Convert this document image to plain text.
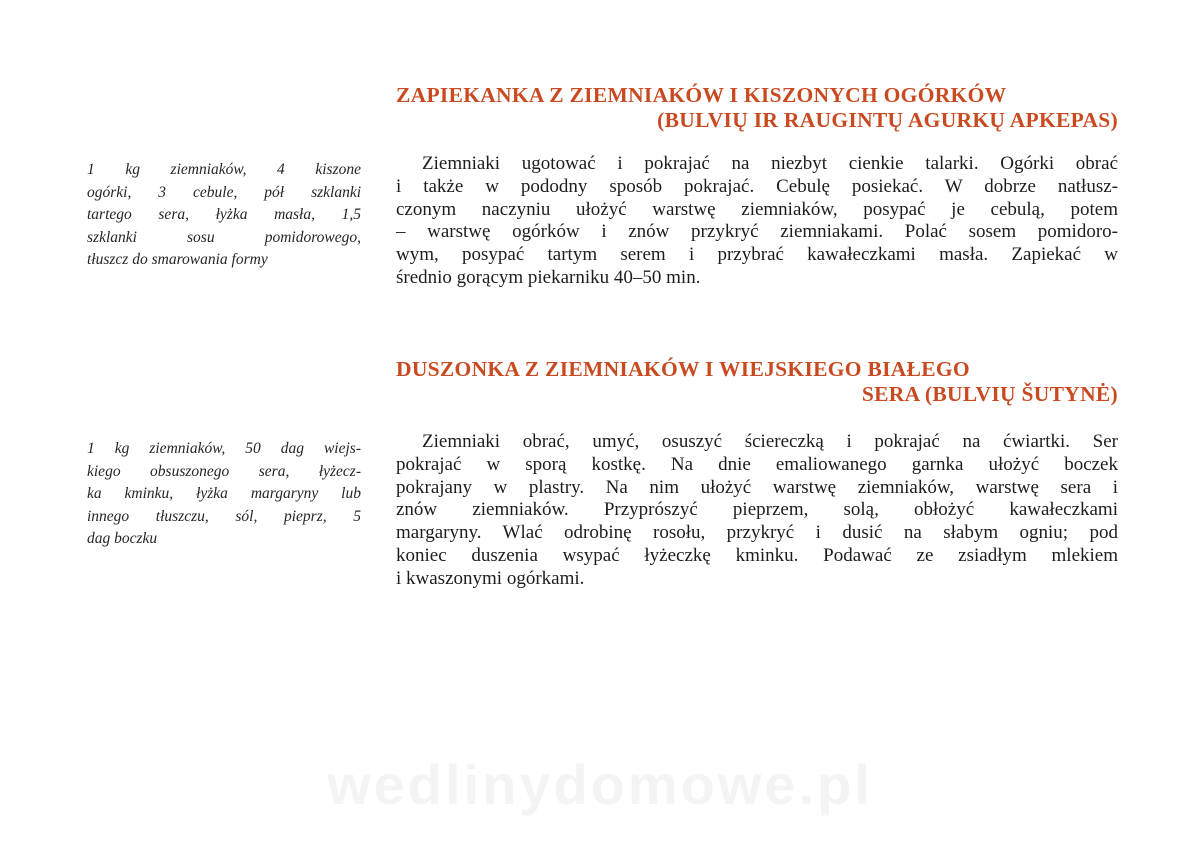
ZAPIEKANKA Z ZIEMNIAKÓW I KISZONYCH OGÓRKÓW
(BULVIŲ IR RAUGINTŲ AGURKŲ APKEPAS)
1 kg ziemniaków, 4 kiszone
ogórki, 3 cebule, pół szklanki
tartego sera, łyżka masła, 1,5
szklanki sosu pomidorowego,
tłuszcz do smarowania formy
Ziemniaki ugotować i pokrajać na niezbyt cienkie talarki. Ogórki obrać
i także w pododny sposób pokrajać. Cebulę posiekać. W dobrze natłusz-
czonym naczyniu ułożyć warstwę ziemniaków, posypać je cebulą, potem
– warstwę ogórków i znów przykryć ziemniakami. Polać sosem pomidoro-
wym, posypać tartym serem i przybrać kawałeczkami masła. Zapiekać w
średnio gorącym piekarniku 40–50 min.
DUSZONKA Z ZIEMNIAKÓW I WIEJSKIEGO BIAŁEGO
SERA (BULVIŲ ŠUTYNĖ)
1 kg ziemniaków, 50 dag wiejs-
kiego obsuszonego sera, łyżecz-
ka kminku, łyżka margaryny lub
innego tłuszczu, sól, pieprz, 5
dag boczku
Ziemniaki obrać, umyć, osuszyć ściereczką i pokrajać na ćwiartki. Ser
pokrajać w sporą kostkę. Na dnie emaliowanego garnka ułożyć boczek
pokrajany w plastry. Na nim ułożyć warstwę ziemniaków, warstwę sera i
znów ziemniaków. Przyprószyć pieprzem, solą, obłożyć kawałeczkami
margaryny. Wlać odrobinę rosołu, przykryć i dusić na słabym ogniu; pod
koniec duszenia wsypać łyżeczkę kminku. Podawać ze zsiadłym mlekiem
i kwaszonymi ogórkami.
wedlinydomowe.pl
